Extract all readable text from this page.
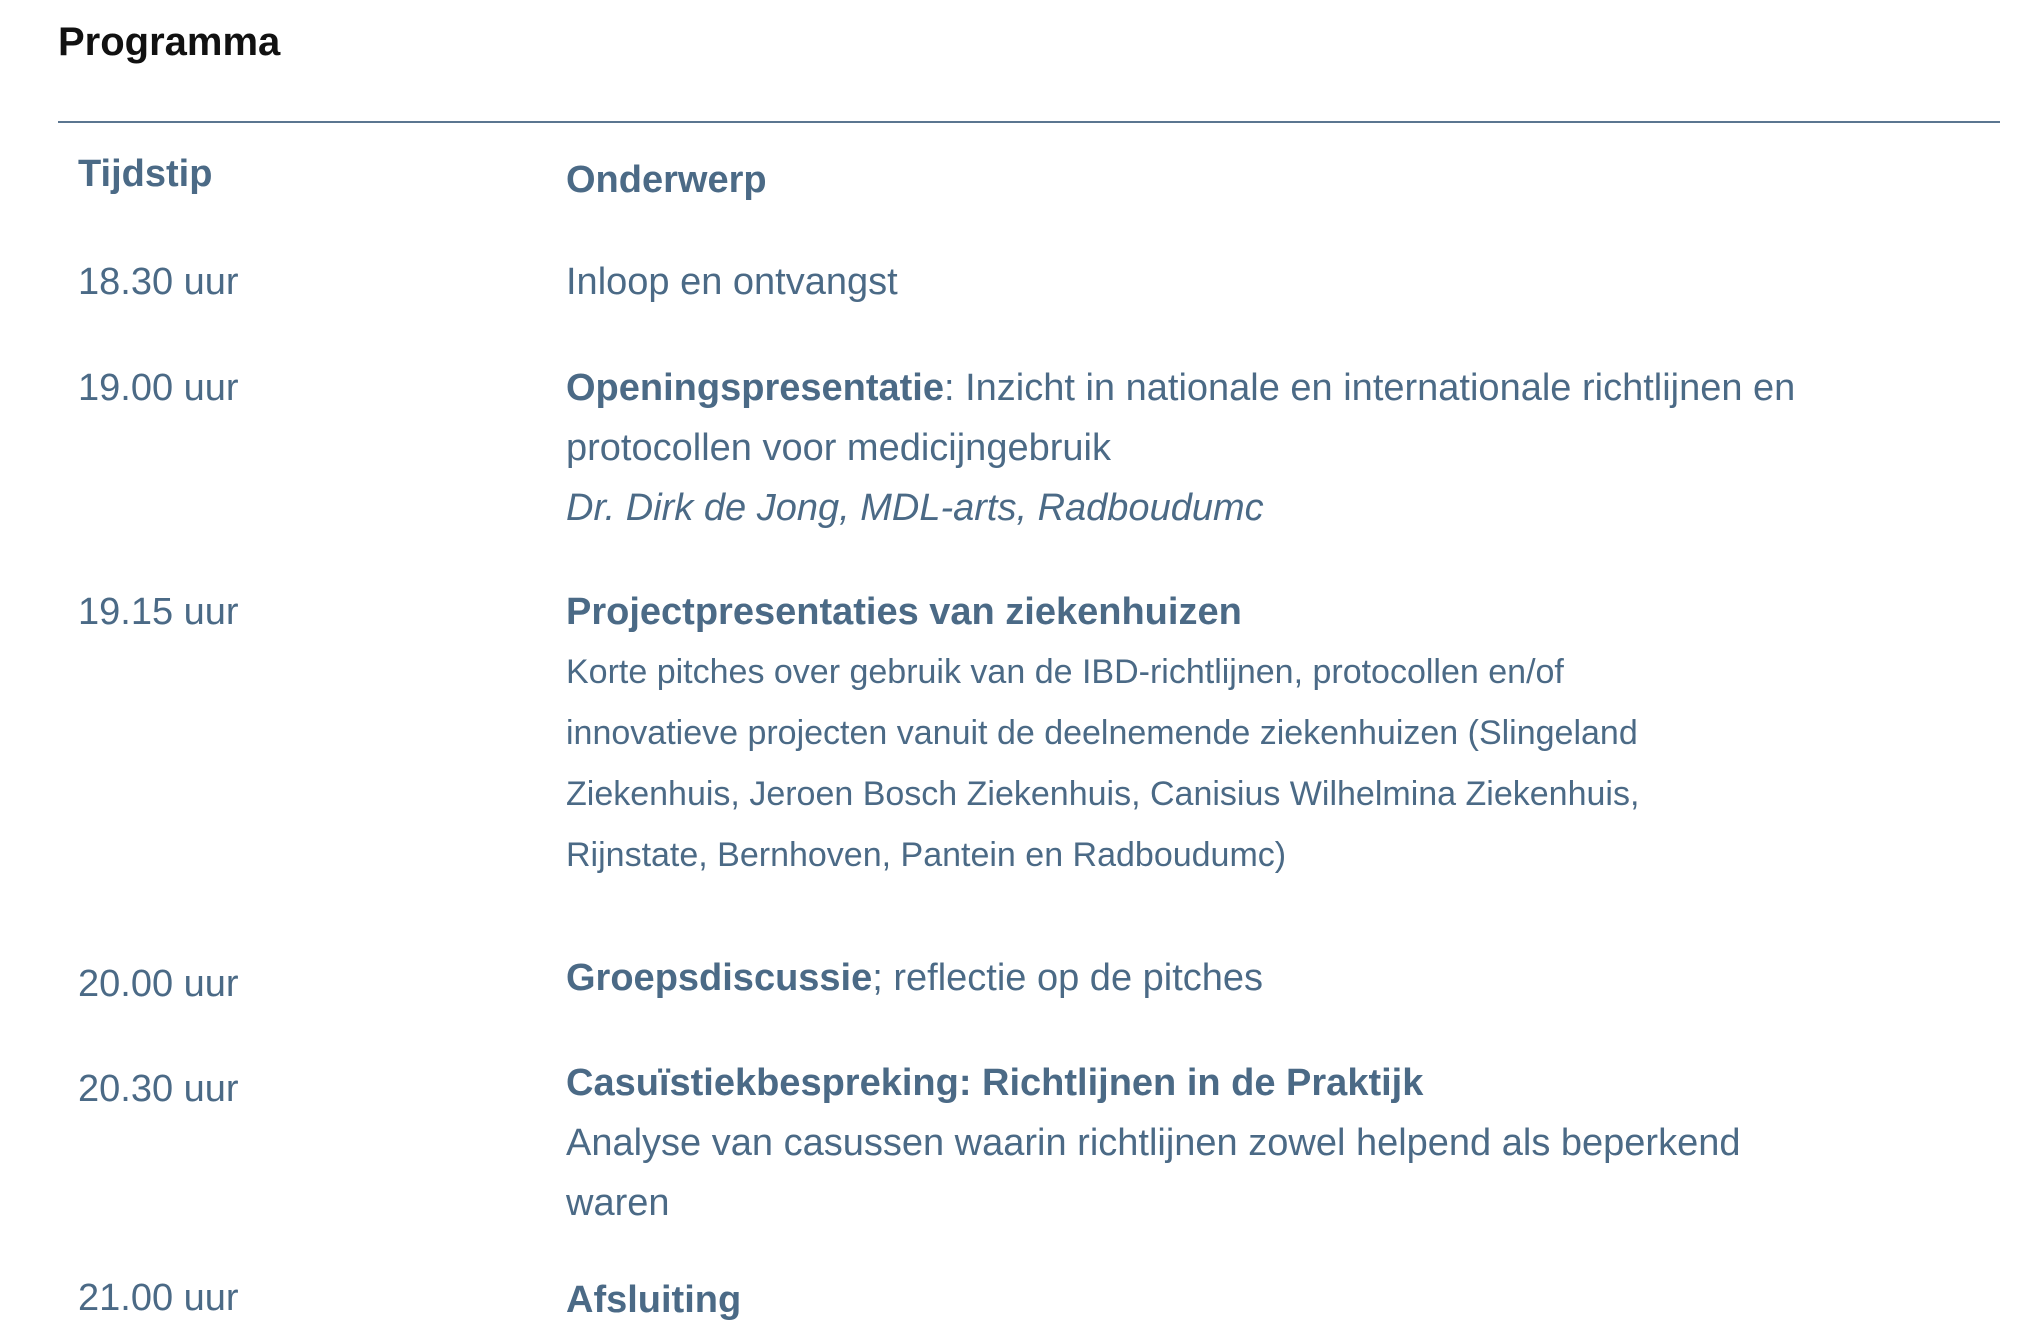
Programma
Tijdstip	Onderwerp
18.30 uur	Inloop en ontvangst
19.00 uur	Openingspresentatie: Inzicht in nationale en internationale richtlijnen en protocollen voor medicijngebruik
Dr. Dirk de Jong, MDL-arts, Radboudumc
19.15 uur	Projectpresentaties van ziekenhuizen
Korte pitches over gebruik van de IBD-richtlijnen, protocollen en/of innovatieve projecten vanuit de deelnemende ziekenhuizen (Slingeland Ziekenhuis, Jeroen Bosch Ziekenhuis, Canisius Wilhelmina Ziekenhuis, Rijnstate, Bernhoven, Pantein en Radboudumc)
20.00 uur	Groepsdiscussie; reflectie op de pitches
20.30 uur	Casuïstiekbespreking: Richtlijnen in de Praktijk
Analyse van casussen waarin richtlijnen zowel helpend als beperkend waren
21.00 uur	Afsluiting
